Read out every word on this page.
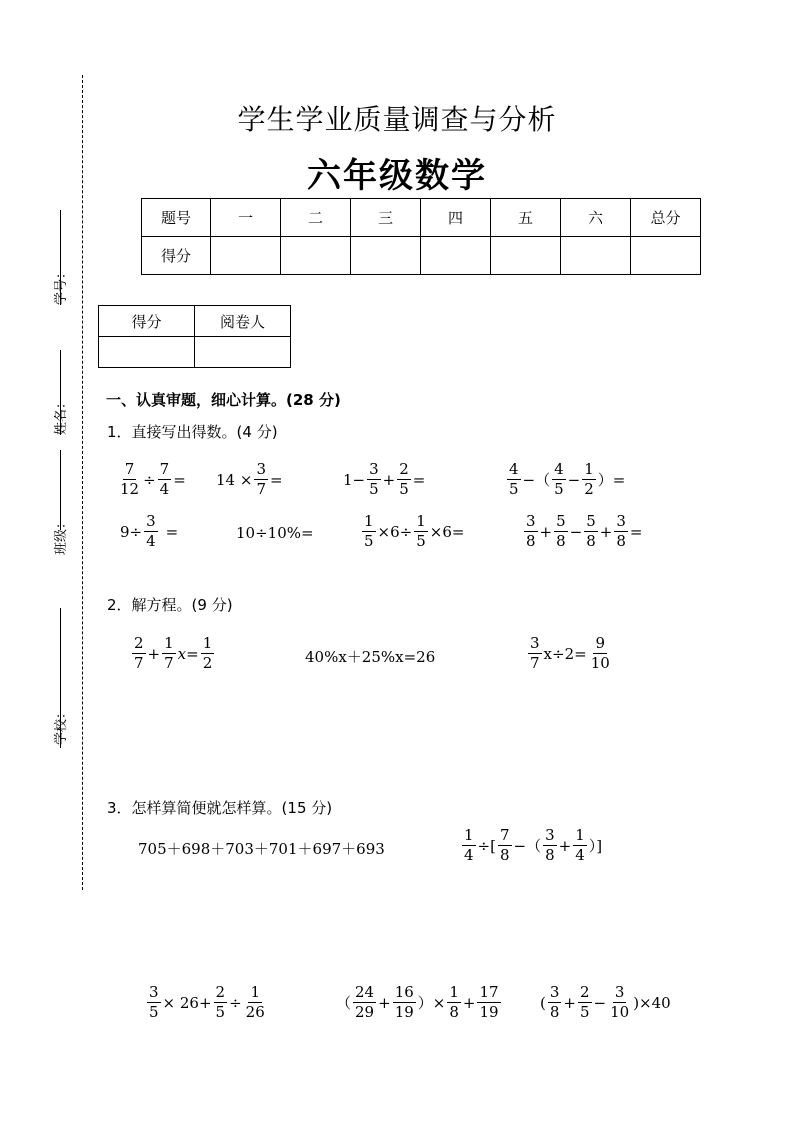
学生学业质量调查与分析
六年级数学
题号	一	二	三	四	五	六	总分
得分							
得分	阅卷人

学号：
姓名：
班级：
学校：
一、认真审题，细心计算。(28 分)
1．直接写出得数。(4 分)
$\frac{7}{12} \div \frac{7}{4} = 14 \times \frac{3}{7}$ =	$1- \frac{3}{5} + \frac{2}{5}$ =
4
5 −（
4
5
− $\frac{1}{2}$ ）=
$9\div \frac{3}{4}$ =	10÷10%=	$\frac{1}{5} \times 6\div \frac{1}{5} \times 6=$
3
8
+ $\frac{5}{8} - \frac{5}{8} + \frac{3}{8}$ =
2．解方程。(9 分)
2
7
+ $\frac{1}{7} x= \frac{1}{2}$	40%x＋25%x=26
3
7
$x\div 2= \frac{9}{10}$
3．怎样算简便就怎样算。(15 分)
705＋698＋703＋701＋697＋693	$\frac{1}{4}$ ÷[
7
8 −（
3
8
+ $\frac{1}{4}$ ）]
$\frac{3}{5} \times 26+ \frac{2}{5} \div \frac{1}{26}$	（
24
29
+ $\frac{16}{19}$ ）× $\frac{1}{8} + \frac{17}{19}$	(
3
8
+ $\frac{2}{5} - \frac{3}{10} )\times 40$
